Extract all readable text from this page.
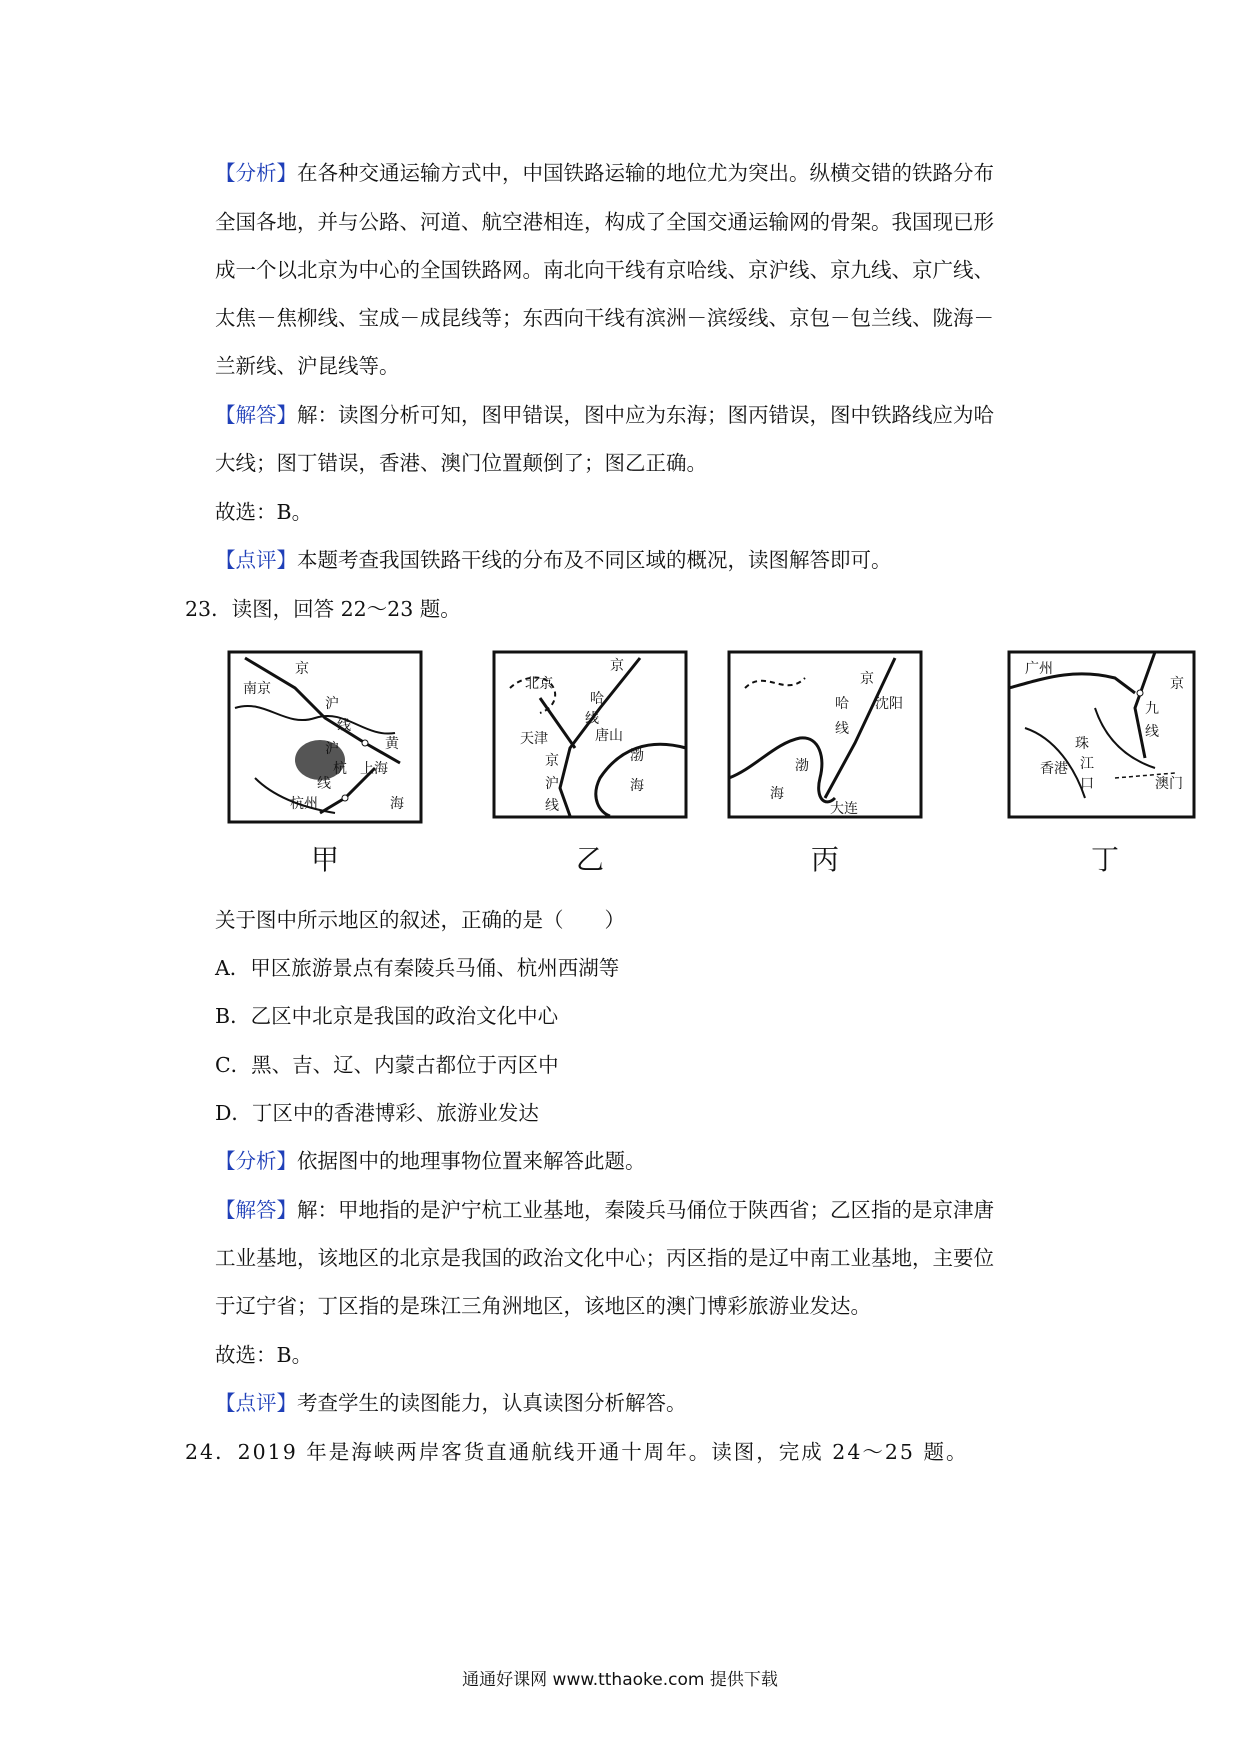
【分析】在各种交通运输方式中，中国铁路运输的地位尤为突出。纵横交错的铁路分布
全国各地，并与公路、河道、航空港相连，构成了全国交通运输网的骨架。我国现已形
成一个以北京为中心的全国铁路网。南北向干线有京哈线、京沪线、京九线、京广线、
太焦－焦柳线、宝成－成昆线等；东西向干线有滨洲－滨绥线、京包－包兰线、陇海－
兰新线、沪昆线等。
【解答】解：读图分析可知，图甲错误，图中应为东海；图丙错误，图中铁路线应为哈
大线；图丁错误，香港、澳门位置颠倒了；图乙正确。
故选：B。
【点评】本题考查我国铁路干线的分布及不同区域的概况，读图解答即可。
23．读图，回答 22～23 题。
南京
京
沪
线
沪
杭
线
黄
上海
杭州	海
甲
北京
京
哈
线
唐山
天津
京
沪
线
渤
海
乙
京
哈
线
沈阳
渤
海
大连
丙
广州
京
九
线
珠
江
口
香港
澳门
丁
关于图中所示地区的叙述，正确的是（　　）
A．甲区旅游景点有秦陵兵马俑、杭州西湖等
B．乙区中北京是我国的政治文化中心
C．黑、吉、辽、内蒙古都位于丙区中
D．丁区中的香港博彩、旅游业发达
【分析】依据图中的地理事物位置来解答此题。
【解答】解：甲地指的是沪宁杭工业基地，秦陵兵马俑位于陕西省；乙区指的是京津唐
工业基地，该地区的北京是我国的政治文化中心；丙区指的是辽中南工业基地，主要位
于辽宁省；丁区指的是珠江三角洲地区，该地区的澳门博彩旅游业发达。
故选：B。
【点评】考查学生的读图能力，认真读图分析解答。
24．2019 年是海峡两岸客货直通航线开通十周年。读图，完成 24～25 题。
通通好课网 www.tthaoke.com 提供下载
